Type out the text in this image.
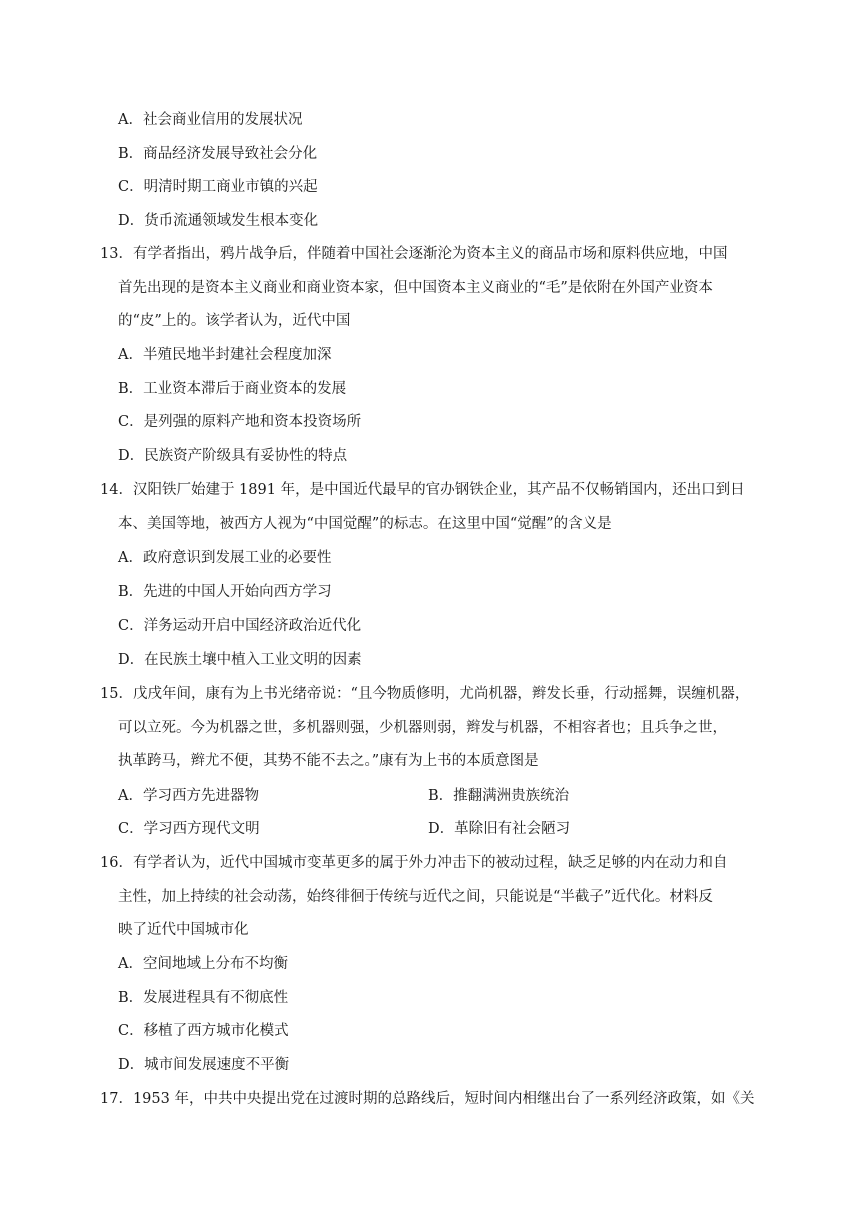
A．社会商业信用的发展状况
B．商品经济发展导致社会分化
C．明清时期工商业市镇的兴起
D．货币流通领域发生根本变化
13．有学者指出，鸦片战争后，伴随着中国社会逐渐沦为资本主义的商品市场和原料供应地，中国
首先出现的是资本主义商业和商业资本家，但中国资本主义商业的“毛”是依附在外国产业资本
的“皮”上的。该学者认为，近代中国
A．半殖民地半封建社会程度加深
B．工业资本滞后于商业资本的发展
C．是列强的原料产地和资本投资场所
D．民族资产阶级具有妥协性的特点
14．汉阳铁厂始建于 1891 年，是中国近代最早的官办钢铁企业，其产品不仅畅销国内，还出口到日
本、美国等地，被西方人视为“中国觉醒”的标志。在这里中国“觉醒”的含义是
A．政府意识到发展工业的必要性
B．先进的中国人开始向西方学习
C．洋务运动开启中国经济政治近代化
D．在民族土壤中植入工业文明的因素
15．戊戌年间，康有为上书光绪帝说：“且今物质修明，尤尚机器，辫发长垂，行动摇舞，误缠机器，
可以立死。今为机器之世，多机器则强，少机器则弱，辫发与机器，不相容者也；且兵争之世，
执革跨马，辫尤不便，其势不能不去之。”康有为上书的本质意图是
A．学习西方先进器物	B．推翻满洲贵族统治
C．学习西方现代文明	D．革除旧有社会陋习
16．有学者认为，近代中国城市变革更多的属于外力冲击下的被动过程，缺乏足够的内在动力和自
主性，加上持续的社会动荡，始终徘徊于传统与近代之间，只能说是“半截子”近代化。材料反
映了近代中国城市化
A．空间地域上分布不均衡
B．发展进程具有不彻底性
C．移植了西方城市化模式
D．城市间发展速度不平衡
17．1953 年，中共中央提出党在过渡时期的总路线后，短时间内相继出台了一系列经济政策，如《关
